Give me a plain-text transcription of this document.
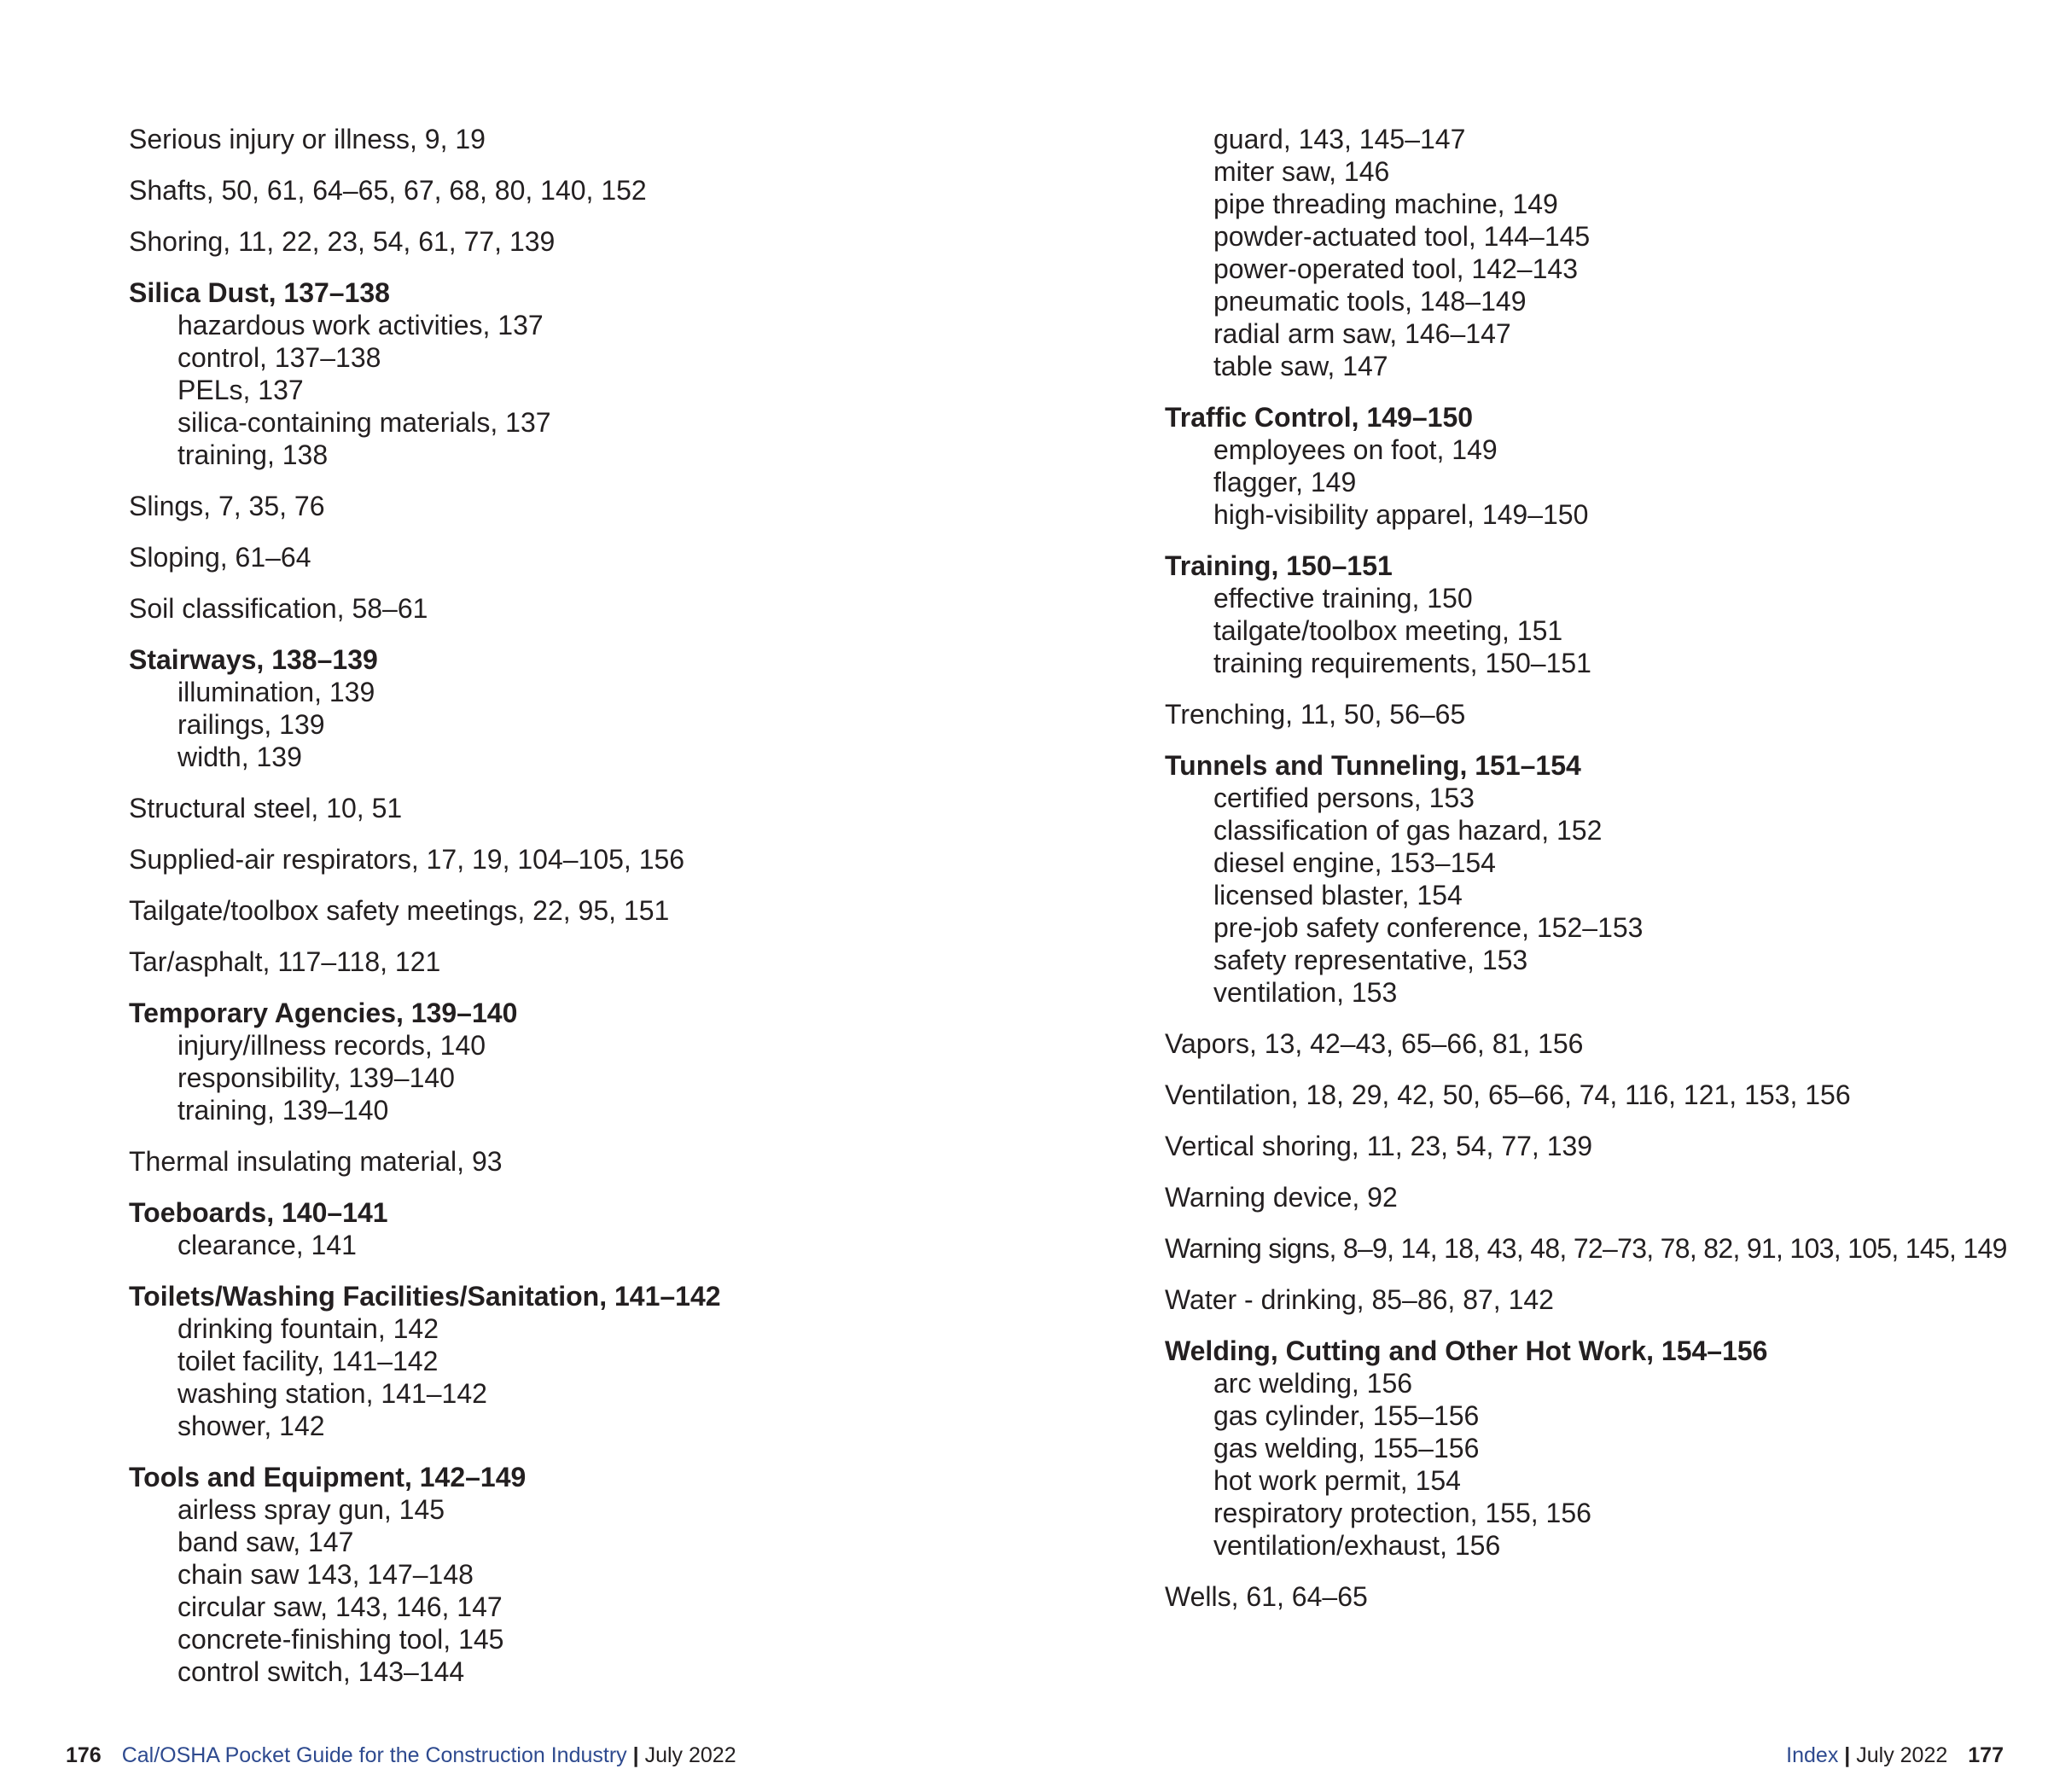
Serious injury or illness, 9, 19
Shafts, 50, 61, 64–65, 67, 68, 80, 140, 152
Shoring, 11, 22, 23, 54, 61, 77, 139
Silica Dust, 137–138
hazardous work activities, 137
control, 137–138
PELs, 137
silica-containing materials, 137
training, 138
Slings, 7, 35, 76
Sloping, 61–64
Soil classification, 58–61
Stairways, 138–139
illumination, 139
railings, 139
width, 139
Structural steel, 10, 51
Supplied-air respirators, 17, 19, 104–105, 156
Tailgate/toolbox safety meetings, 22, 95, 151
Tar/asphalt, 117–118, 121
Temporary Agencies, 139–140
injury/illness records, 140
responsibility, 139–140
training, 139–140
Thermal insulating material, 93
Toeboards, 140–141
clearance, 141
Toilets/Washing Facilities/Sanitation, 141–142
drinking fountain, 142
toilet facility, 141–142
washing station, 141–142
shower, 142
Tools and Equipment, 142–149
airless spray gun, 145
band saw, 147
chain saw 143, 147–148
circular saw, 143, 146, 147
concrete-finishing tool, 145
control switch, 143–144
guard, 143, 145–147
miter saw, 146
pipe threading machine, 149
powder-actuated tool, 144–145
power-operated tool, 142–143
pneumatic tools, 148–149
radial arm saw, 146–147
table saw, 147
Traffic Control, 149–150
employees on foot, 149
flagger, 149
high-visibility apparel, 149–150
Training, 150–151
effective training, 150
tailgate/toolbox meeting, 151
training requirements, 150–151
Trenching, 11, 50, 56–65
Tunnels and Tunneling, 151–154
certified persons, 153
classification of gas hazard, 152
diesel engine, 153–154
licensed blaster, 154
pre-job safety conference, 152–153
safety representative, 153
ventilation, 153
Vapors, 13, 42–43, 65–66, 81, 156
Ventilation, 18, 29, 42, 50, 65–66, 74, 116, 121, 153, 156
Vertical shoring, 11, 23, 54, 77, 139
Warning device, 92
Warning signs, 8–9, 14, 18, 43, 48, 72–73, 78, 82, 91, 103, 105, 145, 149
Water - drinking, 85–86, 87, 142
Welding, Cutting and Other Hot Work, 154–156
arc welding, 156
gas cylinder, 155–156
gas welding, 155–156
hot work permit, 154
respiratory protection, 155, 156
ventilation/exhaust, 156
Wells, 61, 64–65
176 Cal/OSHA Pocket Guide for the Construction Industry | July 2022	Index | July 2022 177
